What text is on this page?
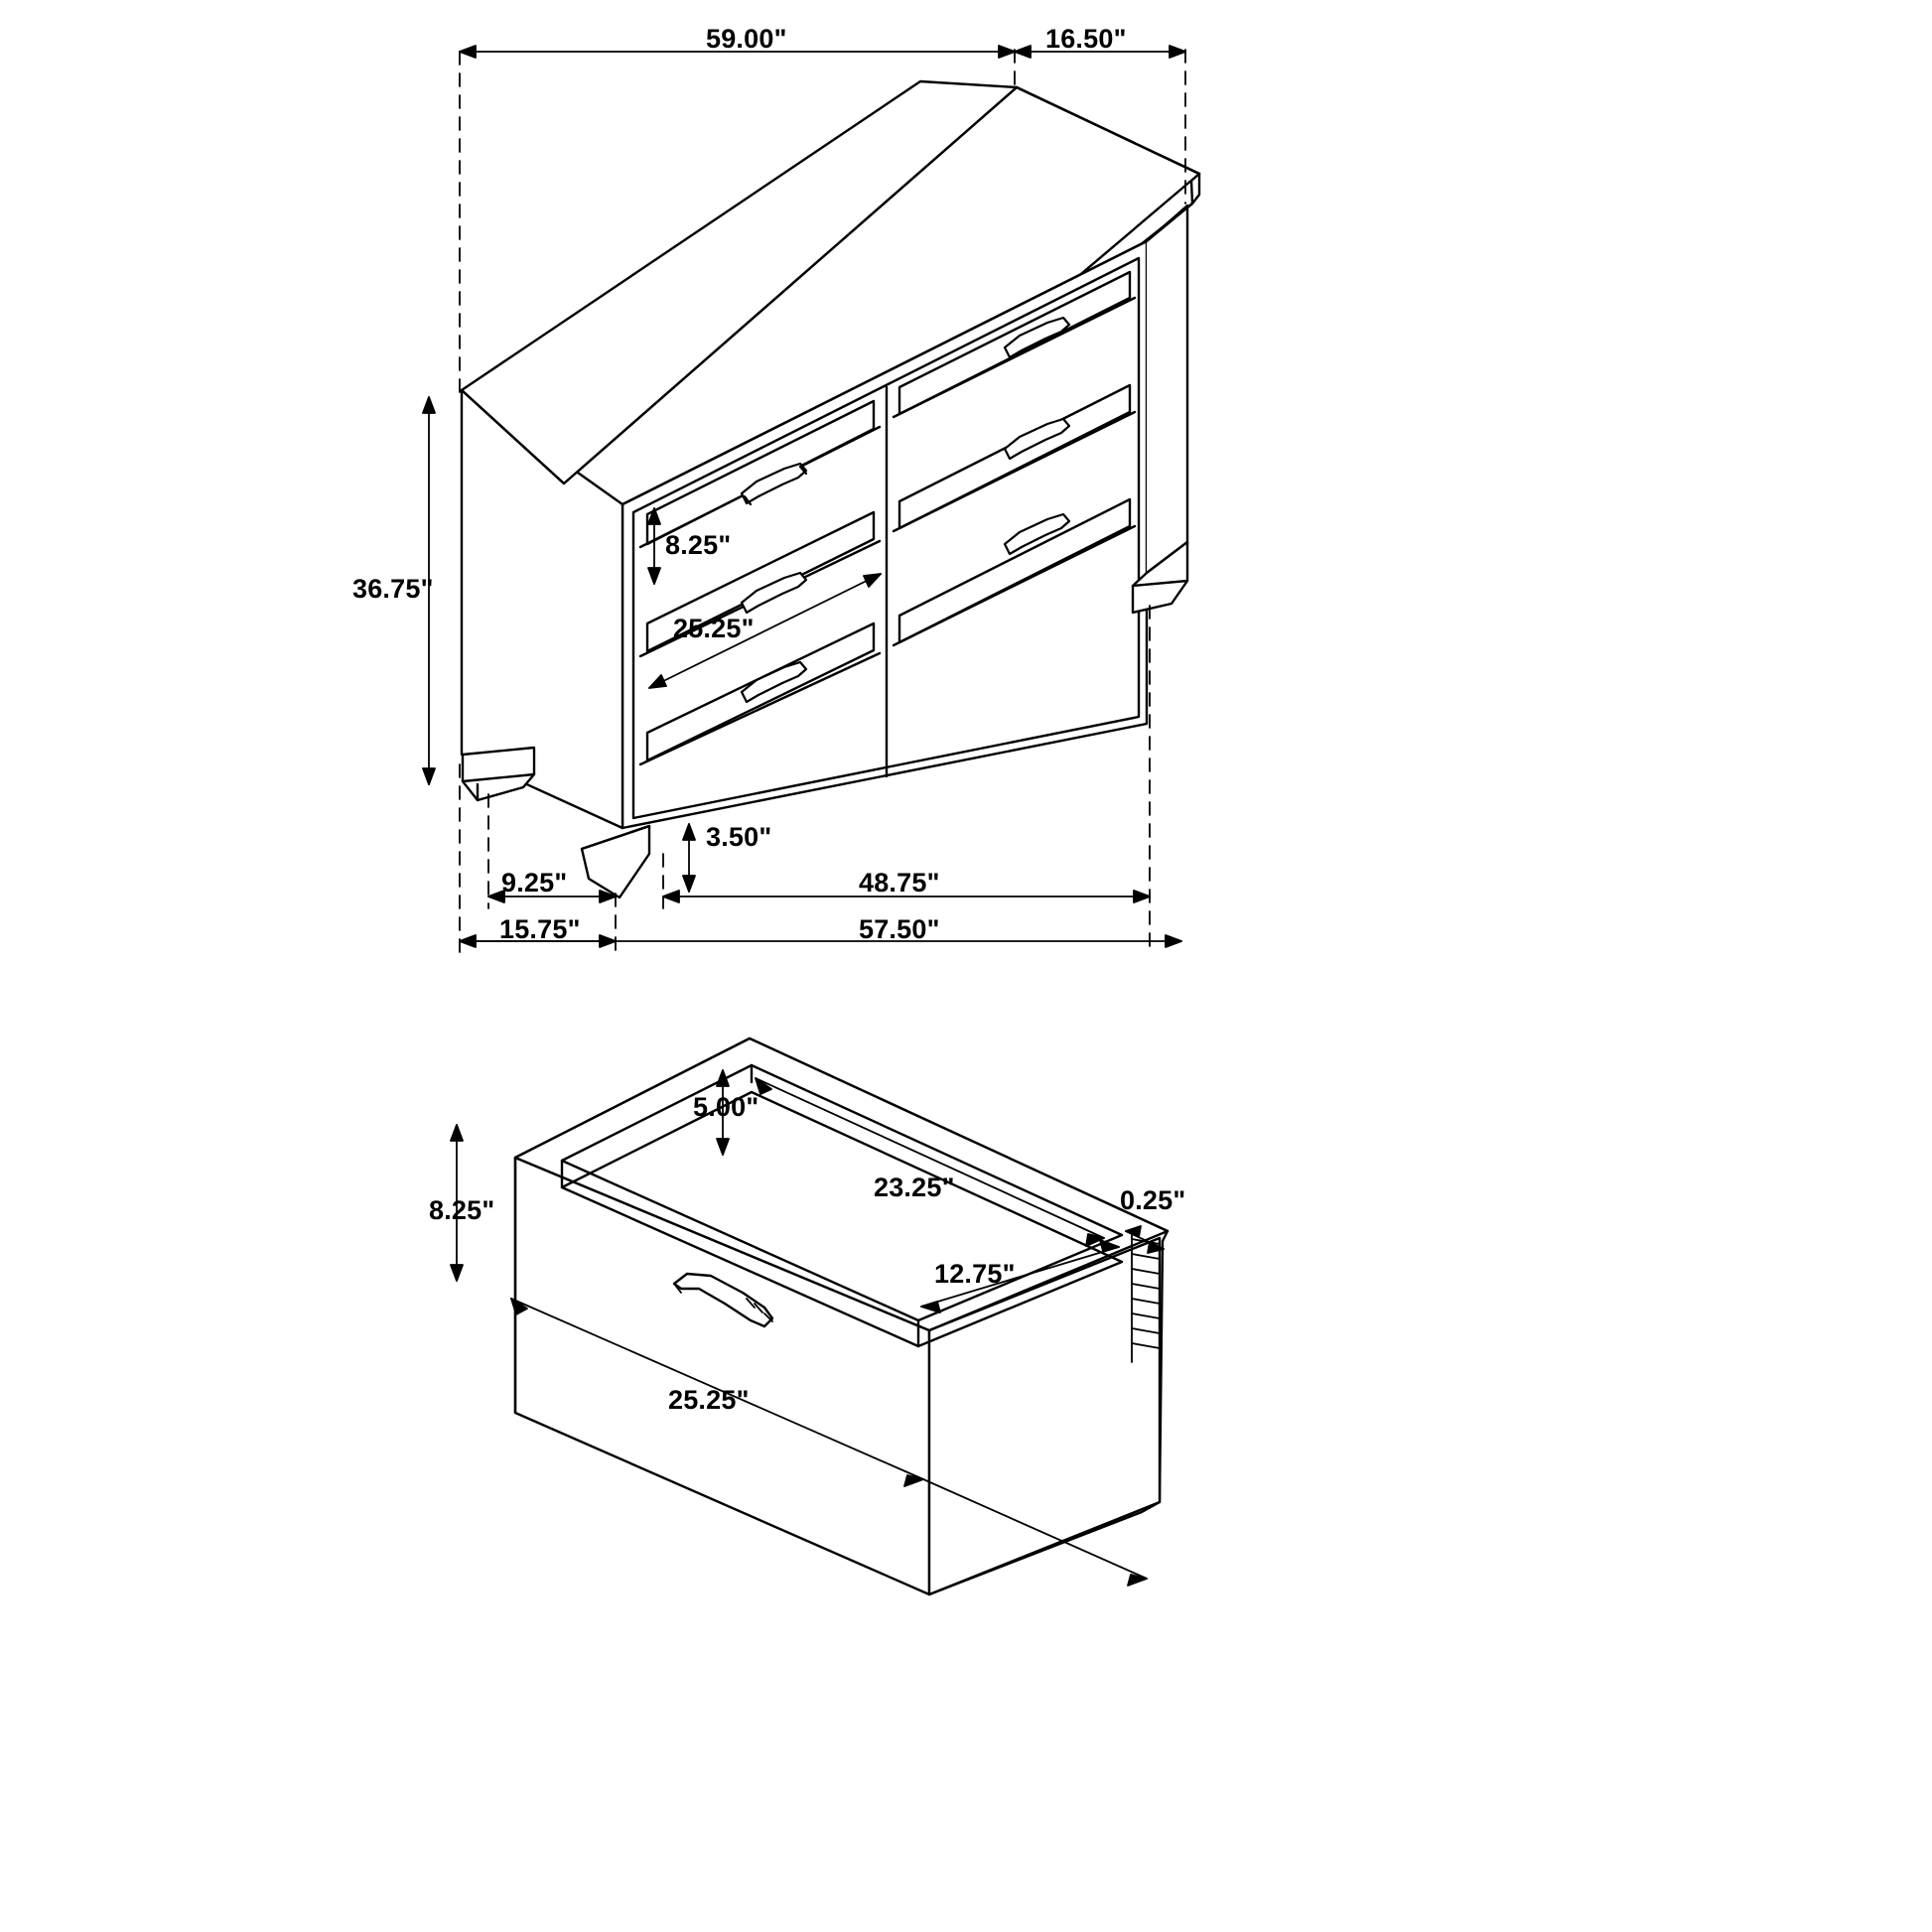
59.00"	16.50"
36.75"
8.25"
25.25"
3.50"
9.25"
15.75"
48.75"
57.50"
5.00"
8.25"
23.25"	0.25"
12.75"
25.25"
